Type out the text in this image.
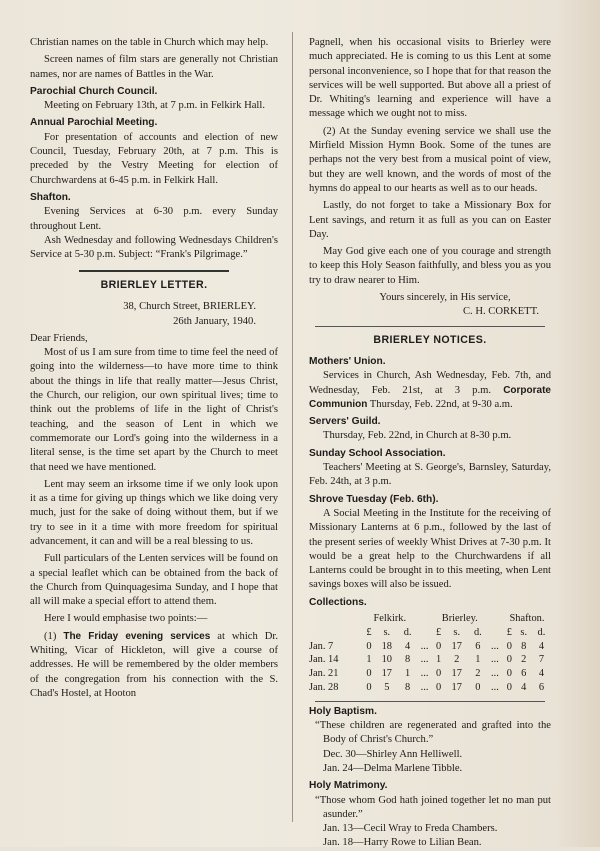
Christian names on the table in Church which may help.

Screen names of film stars are generally not Christian names, nor are names of Battles in the War.

Parochial Church Council.

Meeting on February 13th, at 7 p.m. in Felkirk Hall.

Annual Parochial Meeting.

For presentation of accounts and election of new Council, Tuesday, February 20th, at 7 p.m. This is preceded by the Vestry Meeting for election of Churchwardens at 6-45 p.m. in Felkirk Hall.

Shafton.

Evening Services at 6-30 p.m. every Sunday throughout Lent.

Ash Wednesday and following Wednesdays Children's Service at 5-30 p.m. Subject: “Frank's Pilgrimage.”

BRIERLEY LETTER.
38, Church Street, BRIERLEY.
26th January, 1940.

Dear Friends,

Most of us I am sure from time to time feel the need of going into the wilderness—to have more time to think about the things in life that really matter—Jesus Christ, the Church, our religion, our own spiritual lives; time to think out the problems of life in the light of Christ's teaching, and the season of Lent in which we commemorate our Lord's going into the wilderness in a literal sense, is the time set apart by the Church to meet that need we have mentioned.

Lent may seem an irksome time if we only look upon it as a time for giving up things which we like doing very much, just for the sake of doing without them, but if we try to see in it a time with more freedom for spiritual advancement, it can and will be a real blessing to us.

Full particulars of the Lenten services will be found on a special leaflet which can be obtained from the back of the Church from Quinquagesima Sunday, and I hope that all will make a special effort to attend them.

Here I would emphasise two points:—

(1) The Friday evening services at which Dr. Whiting, Vicar of Hickleton, will give a course of addresses. He will be remembered by the older members of the congregation from his connection with the S. Chad's Hostel, at Hooton

Pagnell, when his occasional visits to Brierley were much appreciated. He is coming to us this Lent at some personal inconvenience, so I hope that for that reason the services will be well supported. But above all a priest of Dr. Whiting's learning and experience will have a message which we ought not to miss.

(2) At the Sunday evening service we shall use the Mirfield Mission Hymn Book. Some of the tunes are perhaps not the very best from a musical point of view, but they are well known, and the words of most of the hymns do appeal to our hearts as well as to our heads.

Lastly, do not forget to take a Missionary Box for Lent savings, and return it as full as you can on Easter Day.

May God give each one of you courage and strength to keep this Holy Season faithfully, and bless you as you try to draw nearer to Him.

Yours sincerely, in His service,
C. H. CORKETT.
BRIERLEY NOTICES.
Mothers' Union.

Services in Church, Ash Wednesday, Feb. 7th, and Wednesday, Feb. 21st, at 3 p.m. Corporate Communion Thursday, Feb. 22nd, at 9-30 a.m.

Servers' Guild.

Thursday, Feb. 22nd, in Church at 8-30 p.m.

Sunday School Association.

Teachers' Meeting at S. George's, Barnsley, Saturday, Feb. 24th, at 3 p.m.

Shrove Tuesday (Feb. 6th).

A Social Meeting in the Institute for the receiving of Missionary Lanterns at 6 p.m., followed by the last of the present series of weekly Whist Drives at 7-30 p.m. It would be a great help to the Churchwardens if all Lanterns could be brought in to this meeting, when Lent savings boxes will also be issued.

Collections.
	Felkirk.				Brierley.				Shafton.		
	£	s.	d.		£	s.	d.		£	s.	d.
Jan. 7	0	18	4	...	0	17	6	...	0	8	4
Jan. 14	1	10	8	...	1	2	1	...	0	2	7
Jan. 21	0	17	1	...	0	17	2	...	0	6	4
Jan. 28	0	5	8	...	0	17	0	...	0	4	6
Holy Baptism.

“These children are regenerated and grafted into the Body of Christ's Church.”

Dec. 30—Shirley Ann Helliwell.
Jan. 24—Delma Marlene Tibble.
Holy Matrimony.

“Those whom God hath joined together let no man put asunder.”

Jan. 13—Cecil Wray to Freda Chambers.
Jan. 18—Harry Rowe to Lilian Bean.
